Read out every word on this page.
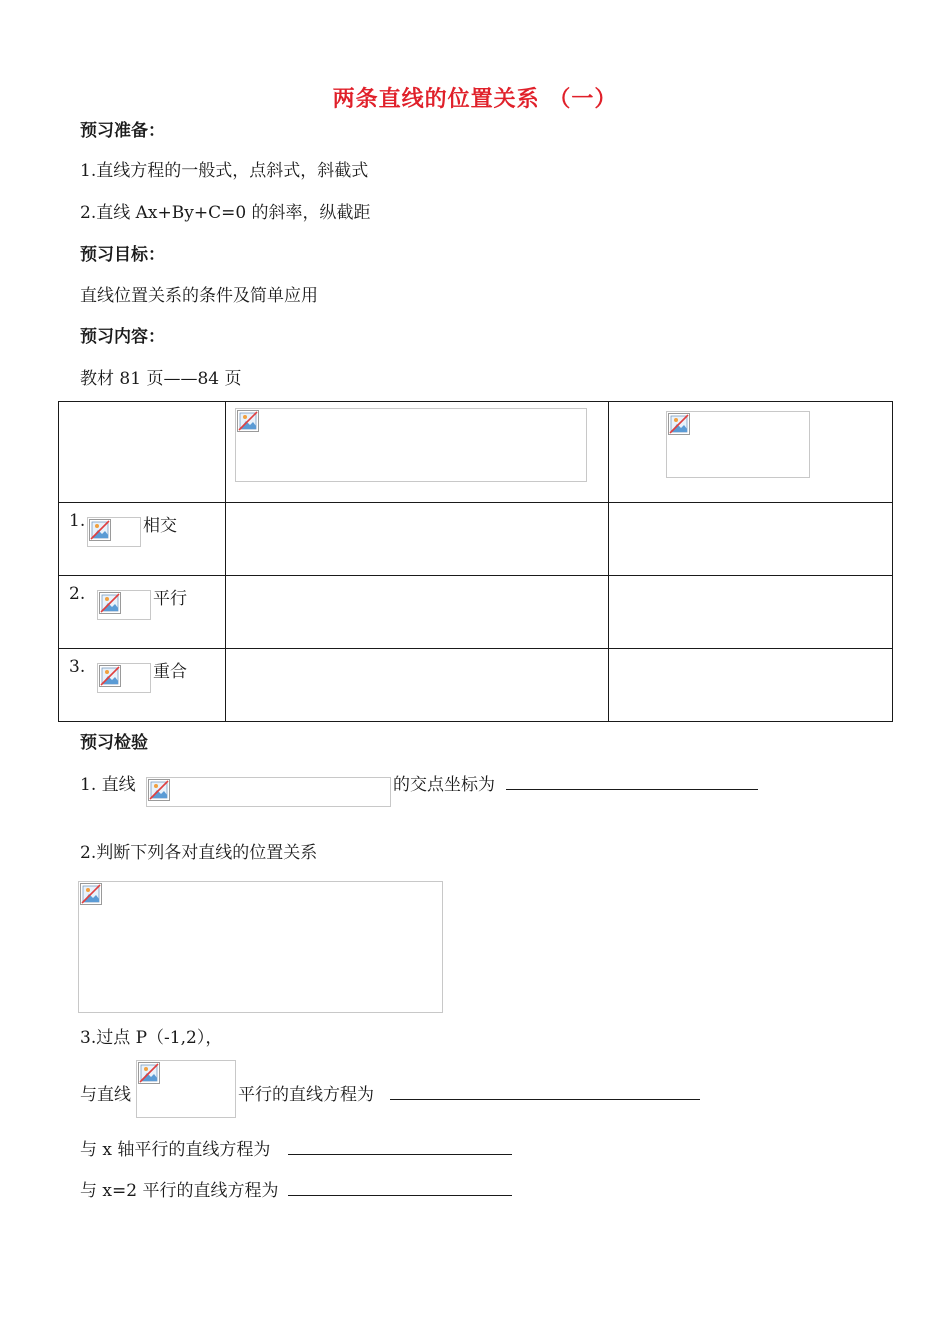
两条直线的位置关系 （一）
预习准备：
1.直线方程的一般式，点斜式，斜截式
2.直线 Ax+By+C=0 的斜率，纵截距
预习目标：
直线位置关系的条件及简单应用
预习内容：
教材 81 页——84 页

1. 相交		

2. 平行		

3. 重合		

预习检验
1. 直线	的交点坐标为
2.判断下列各对直线的位置关系
3.过点 P（-1,2），
与直线	平行的直线方程为
与 x 轴平行的直线方程为
与 x=2 平行的直线方程为
